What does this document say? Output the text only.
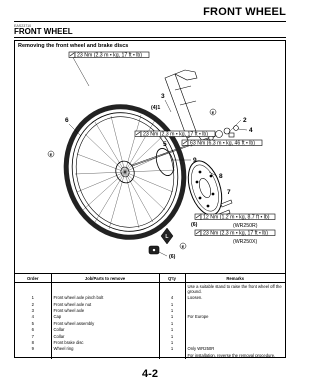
FRONT WHEEL
EAS23710
FRONT WHEEL
Removing the front wheel and brake discs
23 Nm (2.3 m • kg, 17 ft • lb)
23 Nm (2.3 m • kg, 17 ft • lb)
63 Nm (6.3 m • kg, 46 ft • lb)
12 Nm (1.2 m • kg, 8.7 ft • lb)
(WR250R)
23 Nm (2.3 m • kg, 17 ft • lb)
(WR250X)
3
(4)1
2
4
6
5
9
8
7
(6)
(6)
E
E
E
L
Order	Job/Parts to remove	Q'ty	Remarks
			Use a suitable stand to raise the front wheel off the ground.
1	Front wheel axle pinch bolt	4	Loosen.
2	Front wheel axle nut	1	
3	Front wheel axle	1	
4	Cap	1	For Europe
5	Front wheel assembly	1	
6	Collar	1	
7	Collar	1	
8	Front brake disc	1	
9	Wheel ring	1	Only WR250R
			For installation, reverse the removal procedure.
4-2
